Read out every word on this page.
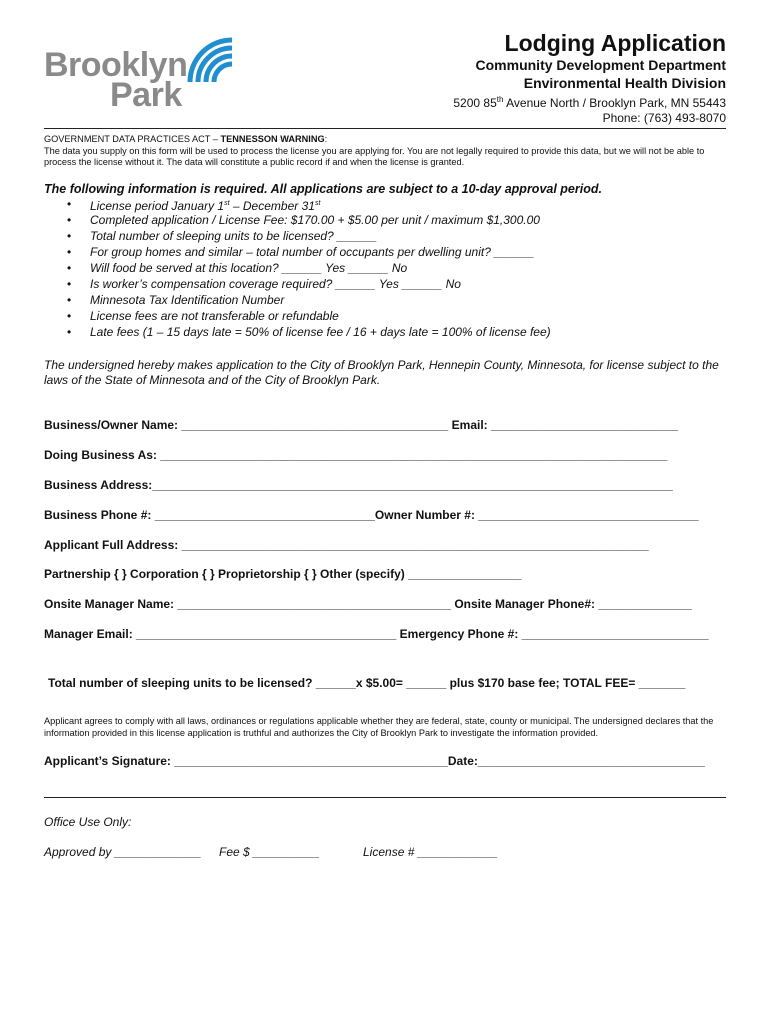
Brooklyn
Park
Lodging Application
Community Development Department
Environmental Health Division
5200 85th Avenue North / Brooklyn Park, MN 55443
Phone: (763) 493-8070
GOVERNMENT DATA PRACTICES ACT – TENNESSON WARNING:
The data you supply on this form will be used to process the license you are applying for. You are not legally required to provide this data, but we will not be able to process the license without it. The data will constitute a public record if and when the license is granted.
The following information is required. All applications are subject to a 10-day approval period.
• License period January 1st – December 31st
• Completed application / License Fee: $170.00 + $5.00 per unit / maximum $1,300.00
• Total number of sleeping units to be licensed? ______
• For group homes and similar – total number of occupants per dwelling unit? ______
• Will food be served at this location? ______ Yes ______ No
• Is worker’s compensation coverage required? ______ Yes ______ No
• Minnesota Tax Identification Number
• License fees are not transferable or refundable
• Late fees (1 – 15 days late = 50% of license fee / 16 + days late = 100% of license fee)
The undersigned hereby makes application to the City of Brooklyn Park, Hennepin County, Minnesota, for license subject to the laws of the State of Minnesota and of the City of Brooklyn Park.
Business/Owner Name: ________________________________________ Email: ____________________________
Doing Business As: ____________________________________________________________________________
Business Address:______________________________________________________________________________
Business Phone #: _________________________________Owner Number #: _________________________________
Applicant Full Address: ______________________________________________________________________
Partnership { } Corporation { } Proprietorship { } Other (specify) _________________
Onsite Manager Name: _________________________________________ Onsite Manager Phone#: ______________
Manager Email: _______________________________________ Emergency Phone #: ____________________________
Total number of sleeping units to be licensed? ______x $5.00= ______ plus $170 base fee; TOTAL FEE= _______
Applicant agrees to comply with all laws, ordinances or regulations applicable whether they are federal, state, county or municipal. The undersigned declares that the information provided in this license application is truthful and authorizes the City of Brooklyn Park to investigate the information provided.
Applicant’s Signature: _________________________________________Date:__________________________________
Office Use Only:
Approved by _____________ Fee $ __________	License # ____________
